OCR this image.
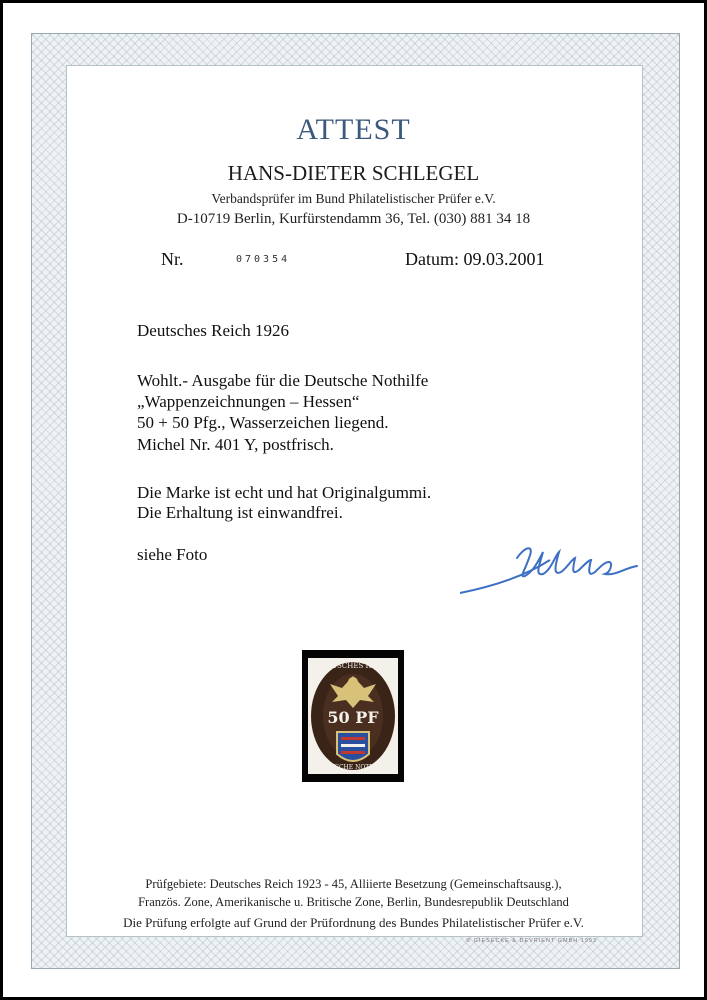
ATTEST
HANS-DIETER SCHLEGEL
Verbandsprüfer im Bund Philatelistischer Prüfer e.V.
D-10719 Berlin, Kurfürstendamm 36, Tel. (030) 881 34 18
Nr.	070354	Datum: 09.03.2001
Deutsches Reich 1926
Wohlt.- Ausgabe für die Deutsche Nothilfe
„Wappenzeichnungen – Hessen“
50 + 50 Pfg., Wasserzeichen liegend.
Michel Nr. 401 Y, postfrisch.
Die Marke ist echt und hat Originalgummi.
Die Erhaltung ist einwandfrei.
siehe Foto
DEUTSCHES REICH
50 PF
DEUTSCHE NOTHILFE
Prüfgebiete: Deutsches Reich 1923 - 45, Alliierte Besetzung (Gemeinschaftsausg.),
Französ. Zone, Amerikanische u. Britische Zone, Berlin, Bundesrepublik Deutschland
Die Prüfung erfolgte auf Grund der Prüfordnung des Bundes Philatelistischer Prüfer e.V.
© GIESECKE & DEVRIENT GMBH 1993
